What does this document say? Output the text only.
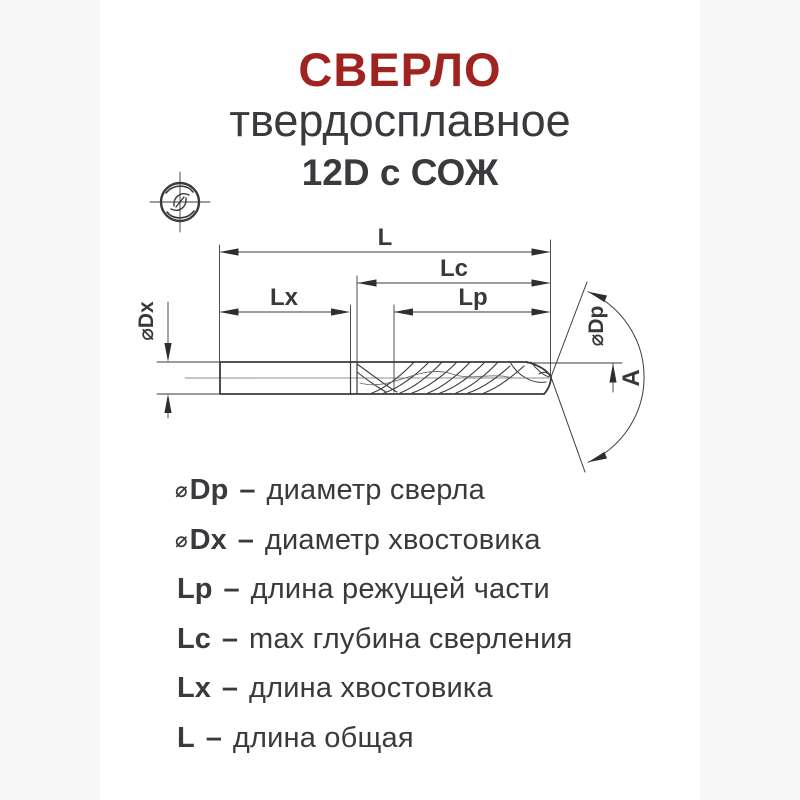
СВЕРЛО
твердосплавное
12D с СОЖ
L
Lc
Lx	Lp
⌀Dx	⌀Dp
A
⌀ Dp – диаметр сверла
⌀ Dx – диаметр хвостовика
Lp – длина режущей части
Lc – max глубина сверления
Lx – длина хвостовика
L – длина общая
